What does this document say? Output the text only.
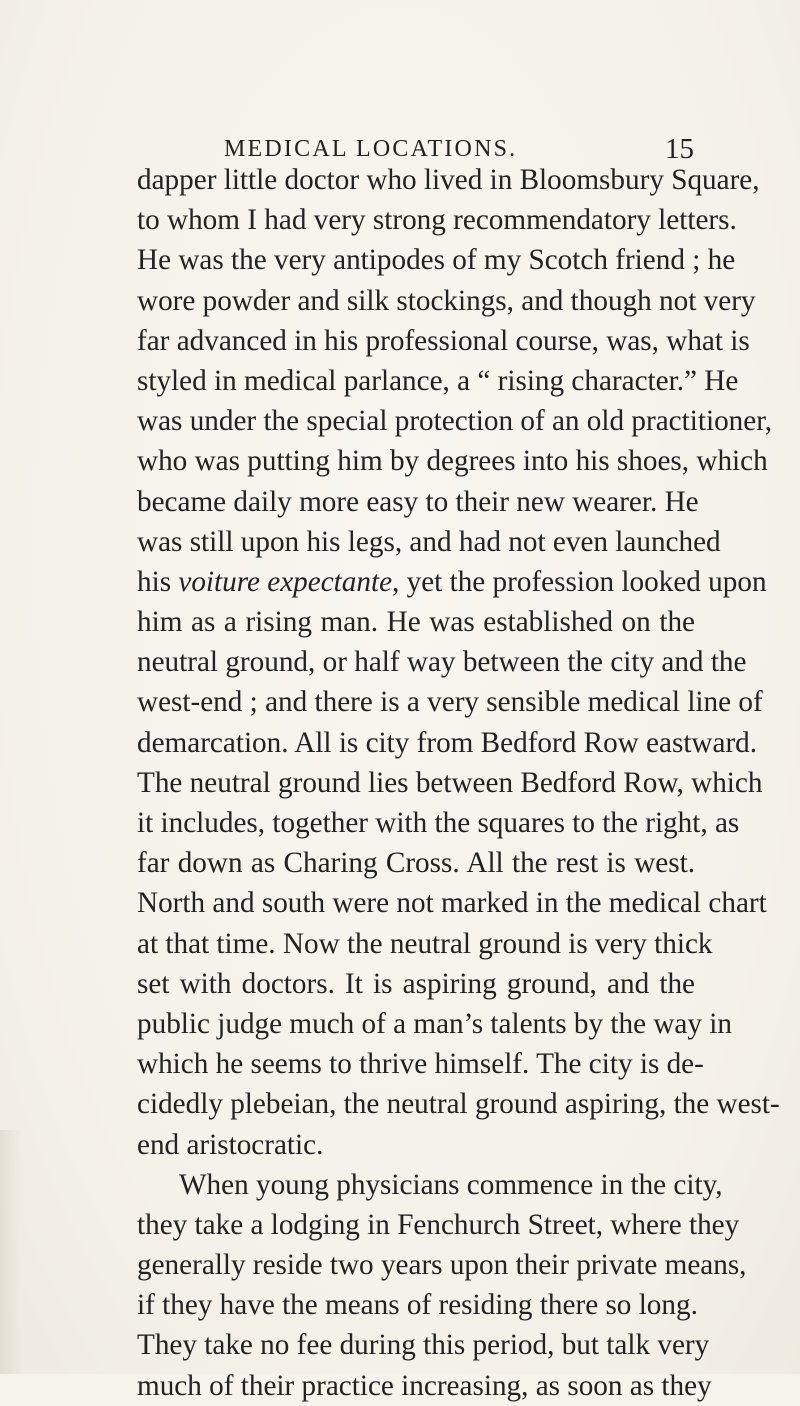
MEDICAL LOCATIONS.	15
dapper little doctor who lived in Bloomsbury Square,
to whom I had very strong recommendatory letters.
He was the very antipodes of my Scotch friend ; he
wore powder and silk stockings, and though not very
far advanced in his professional course, was, what is
styled in medical parlance, a “ rising character.” He
was under the special protection of an old practitioner,
who was putting him by degrees into his shoes, which
became daily more easy to their new wearer. He
was still upon his legs, and had not even launched
his voiture expectante, yet the profession looked upon
him as a rising man. He was established on the
neutral ground, or half way between the city and the
west-end ; and there is a very sensible medical line of
demarcation. All is city from Bedford Row eastward.
The neutral ground lies between Bedford Row, which
it includes, together with the squares to the right, as
far down as Charing Cross. All the rest is west.
North and south were not marked in the medical chart
at that time. Now the neutral ground is very thick
set with doctors. It is aspiring ground, and the
public judge much of a man’s talents by the way in
which he seems to thrive himself. The city is de-
cidedly plebeian, the neutral ground aspiring, the west-
end aristocratic.
When young physicians commence in the city,
they take a lodging in Fenchurch Street, where they
generally reside two years upon their private means,
if they have the means of residing there so long.
They take no fee during this period, but talk very
much of their practice increasing, as soon as they
